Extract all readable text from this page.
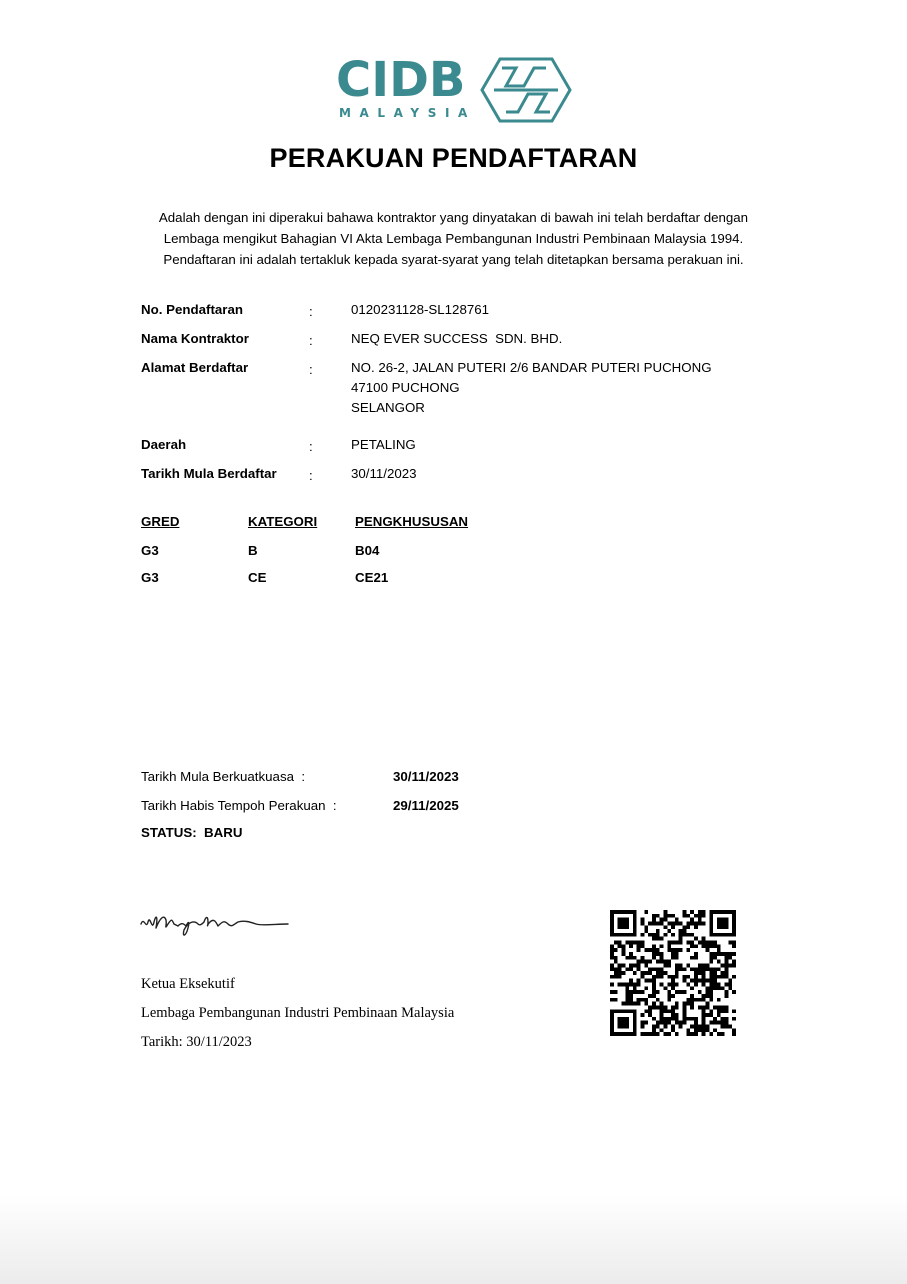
CIDB
MALAYSIA
PERAKUAN PENDAFTARAN
Adalah dengan ini diperakui bahawa kontraktor yang dinyatakan di bawah ini telah berdaftar dengan
Lembaga mengikut Bahagian VI Akta Lembaga Pembangunan Industri Pembinaan Malaysia 1994.
Pendaftaran ini adalah tertakluk kepada syarat-syarat yang telah ditetapkan bersama perakuan ini.
No. Pendaftaran	:	0120231128-SL128761
Nama Kontraktor	:	NEQ EVER SUCCESS  SDN. BHD.
Alamat Berdaftar	:	NO. 26-2, JALAN PUTERI 2/6 BANDAR PUTERI PUCHONG
47100 PUCHONG
SELANGOR
Daerah	:	PETALING
Tarikh Mula Berdaftar :	30/11/2023
GRED	KATEGORI	PENGKHUSUSAN
G3	B	B04
G3	CE	CE21
Tarikh Mula Berkuatkuasa  :	30/11/2023
Tarikh Habis Tempoh Perakuan  :	29/11/2025
STATUS:  BARU
Ketua Eksekutif
Lembaga Pembangunan Industri Pembinaan Malaysia
Tarikh: 30/11/2023
